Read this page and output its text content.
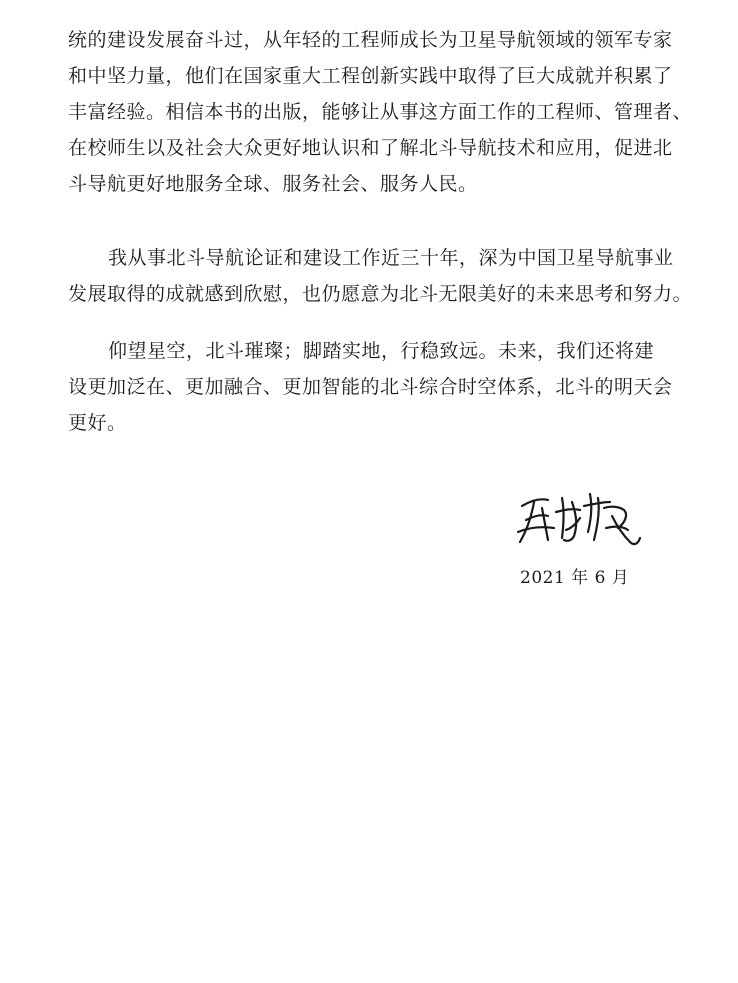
统的建设发展奋斗过，从年轻的工程师成长为卫星导航领域的领军专家
和中坚力量，他们在国家重大工程创新实践中取得了巨大成就并积累了
丰富经验。相信本书的出版，能够让从事这方面工作的工程师、管理者、
在校师生以及社会大众更好地认识和了解北斗导航技术和应用，促进北
斗导航更好地服务全球、服务社会、服务人民。

我从事北斗导航论证和建设工作近三十年，深为中国卫星导航事业
发展取得的成就感到欣慰，也仍愿意为北斗无限美好的未来思考和努力。

仰望星空，北斗璀璨；脚踏实地，行稳致远。未来，我们还将建
设更加泛在、更加融合、更加智能的北斗综合时空体系，北斗的明天会
更好。

2021 年 6 月
